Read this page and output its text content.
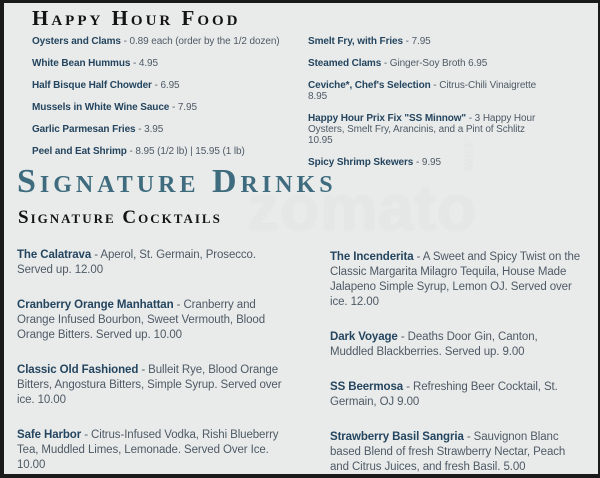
Happy Hour Food

Oysters and Clams - 0.89 each (order by the 1/2 dozen)

White Bean Hummus - 4.95

Half Bisque Half Chowder - 6.95

Mussels in White Wine Sauce - 7.95

Garlic Parmesan Fries - 3.95

Peel and Eat Shrimp - 8.95 (1/2 lb) | 15.95 (1 lb)

Smelt Fry, with Fries - 7.95

Steamed Clams - Ginger-Soy Broth 6.95

Ceviche*, Chef's Selection - Citrus-Chili Vinaigrette 8.95

Happy Hour Prix Fix "SS Minnow" - 3 Happy Hour Oysters, Smelt Fry, Arancinis, and a Pint of Schlitz 10.95

Spicy Shrimp Skewers - 9.95

Signature Drinks
Signature Cocktails

The Calatrava - Aperol, St. Germain, Prosecco. Served up. 12.00

Cranberry Orange Manhattan - Cranberry and Orange Infused Bourbon, Sweet Vermouth, Blood Orange Bitters. Served up. 10.00

Classic Old Fashioned - Bulleit Rye, Blood Orange Bitters, Angostura Bitters, Simple Syrup. Served over ice. 10.00

Safe Harbor - Citrus-Infused Vodka, Rishi Blueberry Tea, Muddled Limes, Lemonade. Served Over Ice. 10.00

The Incenderita - A Sweet and Spicy Twist on the Classic Margarita Milagro Tequila, House Made Jalapeno Simple Syrup, Lemon OJ. Served over ice. 12.00

Dark Voyage - Deaths Door Gin, Canton, Muddled Blackberries. Served up. 9.00

SS Beermosa - Refreshing Beer Cocktail, St. Germain, OJ 9.00

Strawberry Basil Sangria - Sauvignon Blanc based Blend of fresh Strawberry Nectar, Peach and Citrus Juices, and fresh Basil. 5.00

zomato.com
